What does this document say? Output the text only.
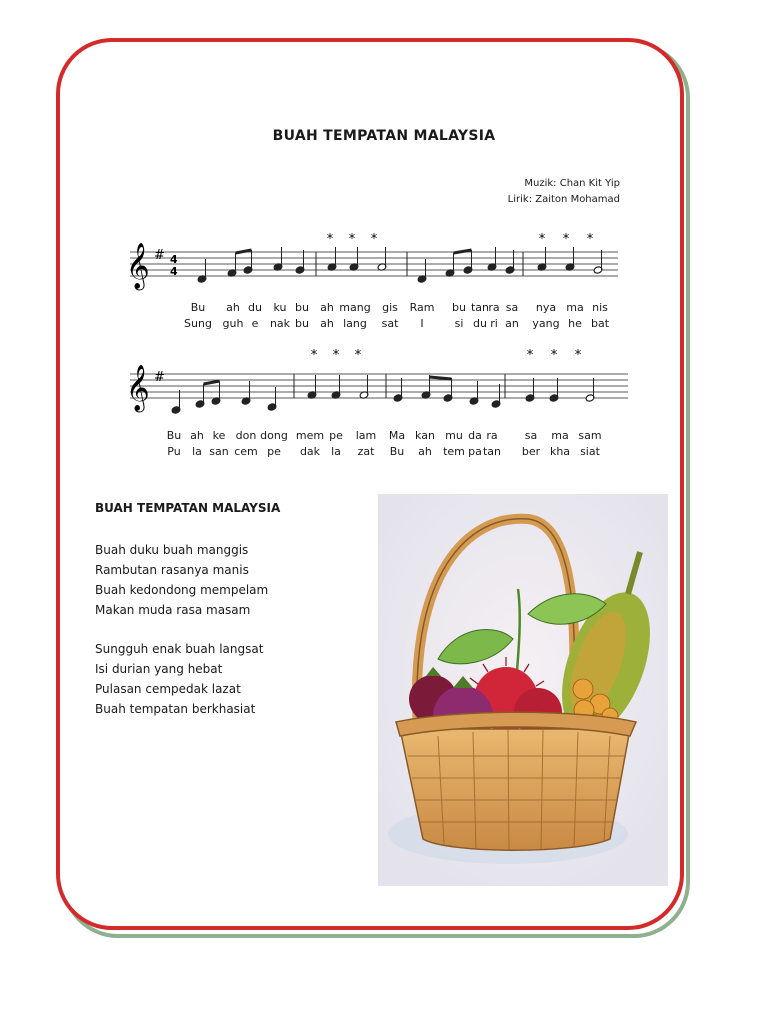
BUAH TEMPATAN MALAYSIA
Muzik: Chan Kit Yip
Lirik: Zaiton Mohamad
𝄞 # 4
4
* * *	* * *
Bu ah du ku bu ah mang gis Ram bu tan ra sa nya ma nis
Sung guh e nak bu ah lang sat I	si du ri an yang he bat
𝄞 #
* * *	* * *
Bu ah ke don dong mem pe lam Ma kan mu da ra sa ma sam
Pu la san cem pe dak la zat Bu ah tem pa tan ber kha siat
BUAH TEMPATAN MALAYSIA
Buah duku buah manggis
Rambutan rasanya manis
Buah kedondong mempelam
Makan muda rasa masam
Sungguh enak buah langsat
Isi durian yang hebat
Pulasan cempedak lazat
Buah tempatan berkhasiat
